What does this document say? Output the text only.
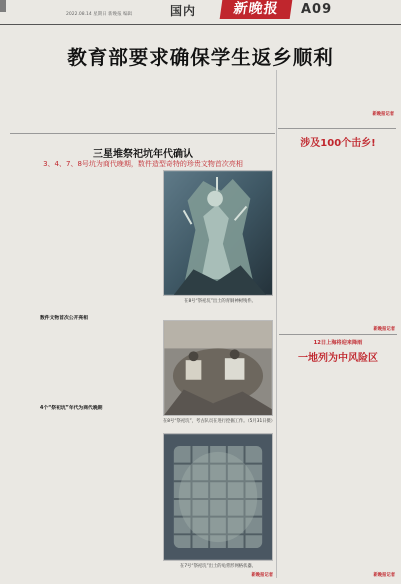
国内	新晚报	A09
2022.08.14 星期日 新晚报 编辑
教育部要求确保学生返乡顺利
新晚报记者
三星堆祭祀坑年代确认
3、4、7、8号坑为商代晚期，数件造型奇特的珍贵文物首次亮相
在8号“祭祀坑”出土的青铜神树残件。
数件文物首次公开亮相
4个“祭祀坑”年代为商代晚期
新晚报记者
在8号“祭祀坑”，考古队员在进行挖掘工作。（5月31日摄）
在7号“祭祀坑”出土的龟背形网格状器。
涉及100个击乡!
新晚报记者
12日上海将迎来降雨
一地列为中风险区
新晚报记者
